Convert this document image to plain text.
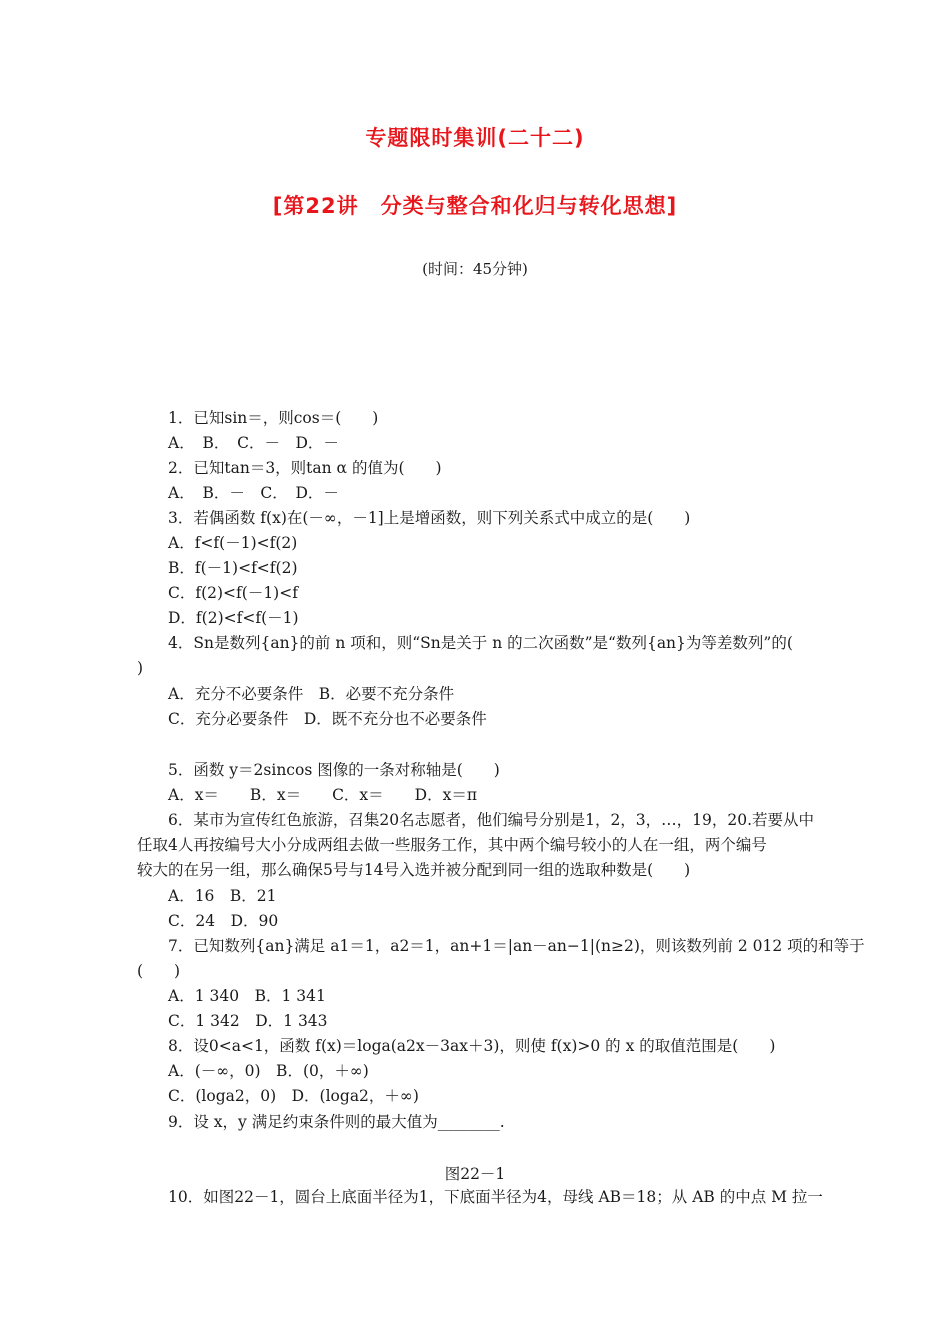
专题限时集训(二十二)
[第22讲　分类与整合和化归与转化思想]
(时间：45分钟)
1．已知sin＝，则cos＝(　　)
A．　B．　C．－　D．－
2．已知tan＝3，则tan α 的值为(　　)
A．　B．－　C．　D．－
3．若偶函数 f(x)在(－∞，－1]上是增函数，则下列关系式中成立的是(　　)
A．f<f(－1)<f(2)
B．f(－1)<f<f(2)
C．f(2)<f(－1)<f
D．f(2)<f<f(－1)
4．Sn是数列{an}的前 n 项和，则“Sn是关于 n 的二次函数”是“数列{an}为等差数列”的(
)
A．充分不必要条件　B．必要不充分条件
C．充分必要条件　D．既不充分也不必要条件
5．函数 y＝2sincos 图像的一条对称轴是(　　)
A．x＝　　B．x＝　　C．x＝　　D．x＝π
6．某市为宣传红色旅游，召集20名志愿者，他们编号分别是1，2，3，…，19，20.若要从中
任取4人再按编号大小分成两组去做一些服务工作，其中两个编号较小的人在一组，两个编号
较大的在另一组，那么确保5号与14号入选并被分配到同一组的选取种数是(　　)
A．16　B．21
C．24　D．90
7．已知数列{an}满足 a1＝1，a2＝1，an+1＝|an－an−1|(n≥2)，则该数列前 2 012 项的和等于
(　　)
A．1 340　B．1 341
C．1 342　D．1 343
8．设0<a<1，函数 f(x)＝loga(a2x－3ax＋3)，则使 f(x)>0 的 x 的取值范围是(　　)
A．(－∞，0)　B．(0，＋∞)
C．(loga2，0)　D．(loga2，＋∞)
9．设 x，y 满足约束条件则的最大值为________.
图22－1
10．如图22－1，圆台上底面半径为1，下底面半径为4，母线 AB＝18；从 AB 的中点 M 拉一
